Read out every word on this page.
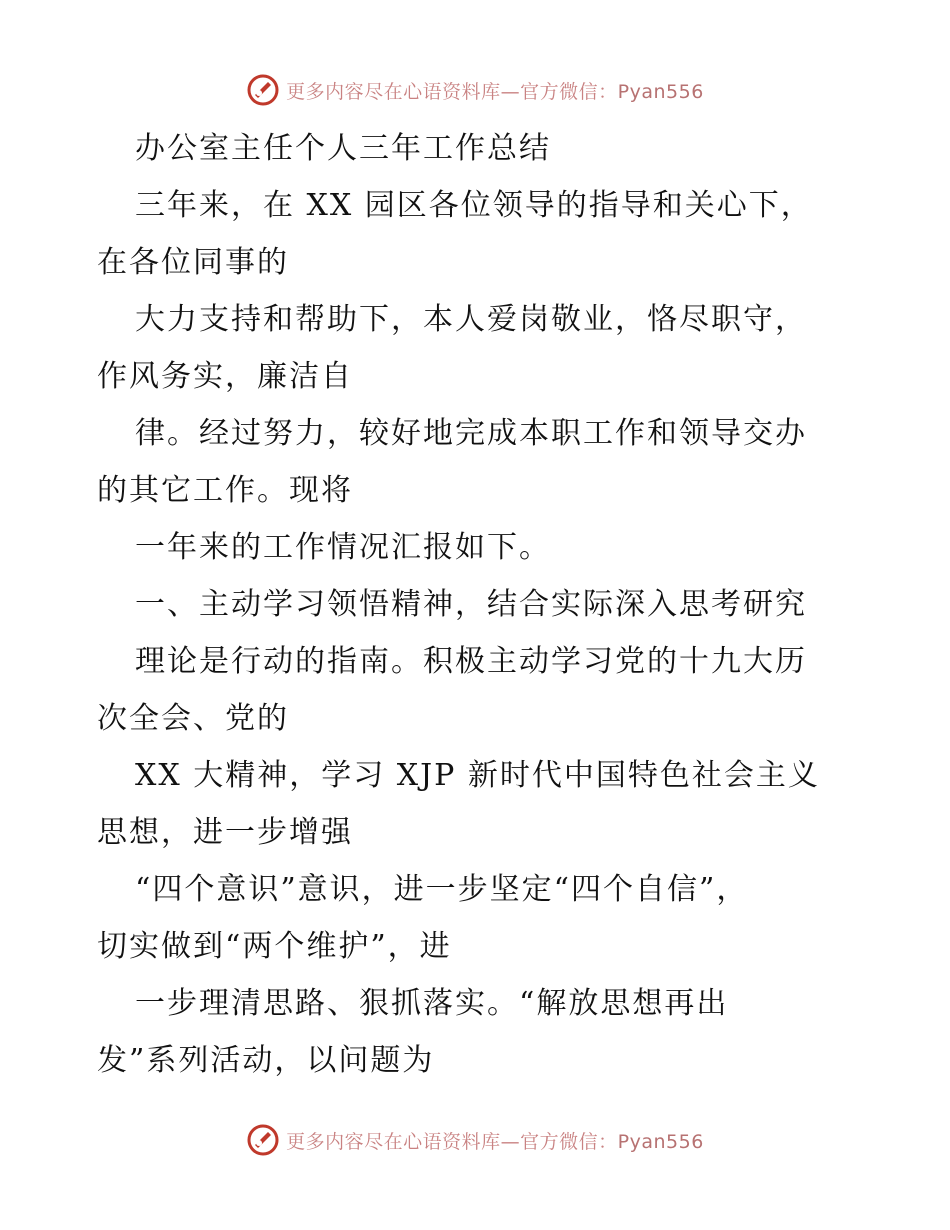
更多内容尽在心语资料库—官方微信：Pyan556
办公室主任个人三年工作总结
三年来，在 XX 园区各位领导的指导和关心下，
在各位同事的
大力支持和帮助下，本人爱岗敬业，恪尽职守，
作风务实，廉洁自
律。经过努力，较好地完成本职工作和领导交办
的其它工作。现将
一年来的工作情况汇报如下。
一、主动学习领悟精神，结合实际深入思考研究
理论是行动的指南。积极主动学习党的十九大历
次全会、党的
XX 大精神，学习 XJP 新时代中国特色社会主义
思想，进一步增强
“四个意识”意识，进一步坚定“四个自信”，
切实做到“两个维护”，进
一步理清思路、狠抓落实。“解放思想再出
发”系列活动，以问题为
更多内容尽在心语资料库—官方微信：Pyan556
